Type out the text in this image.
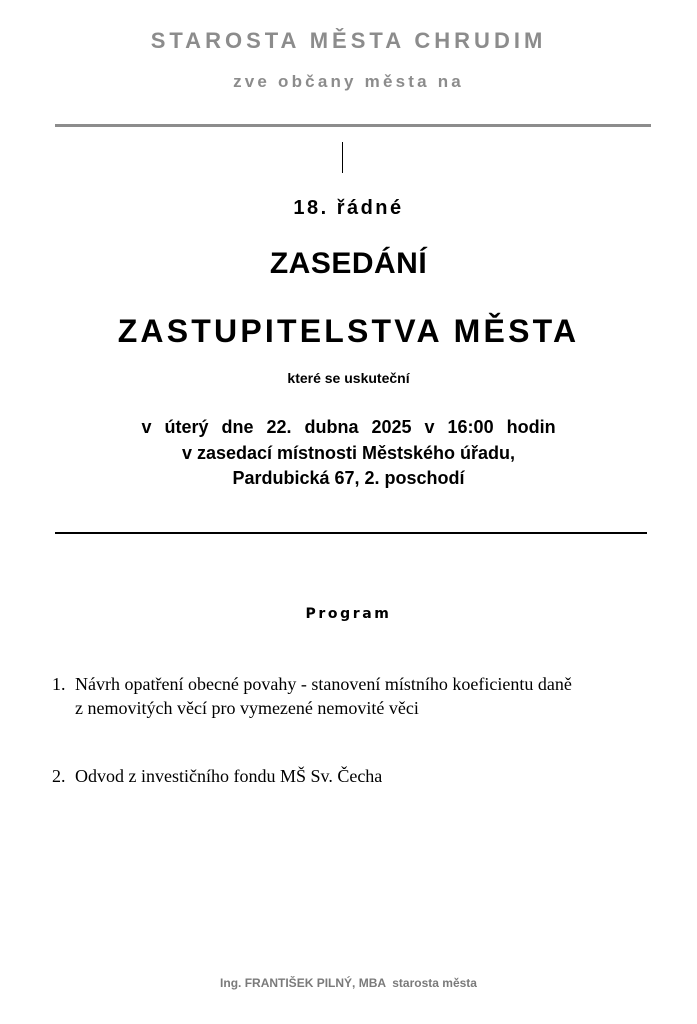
STAROSTA MĚSTA CHRUDIM
zve občany města na
18. řádné
ZASEDÁNÍ
ZASTUPITELSTVA MĚSTA
které se uskuteční
v úterý dne 22. dubna 2025 v 16:00 hodin
v zasedací místnosti Městského úřadu,
Pardubická 67, 2. poschodí
Program
1. Návrh opatření obecné povahy - stanovení místního koeficientu daně
z nemovitých věcí pro vymezené nemovité věci
2. Odvod z investičního fondu MŠ Sv. Čecha
Ing. FRANTIŠEK PILNÝ, MBA  starosta města
